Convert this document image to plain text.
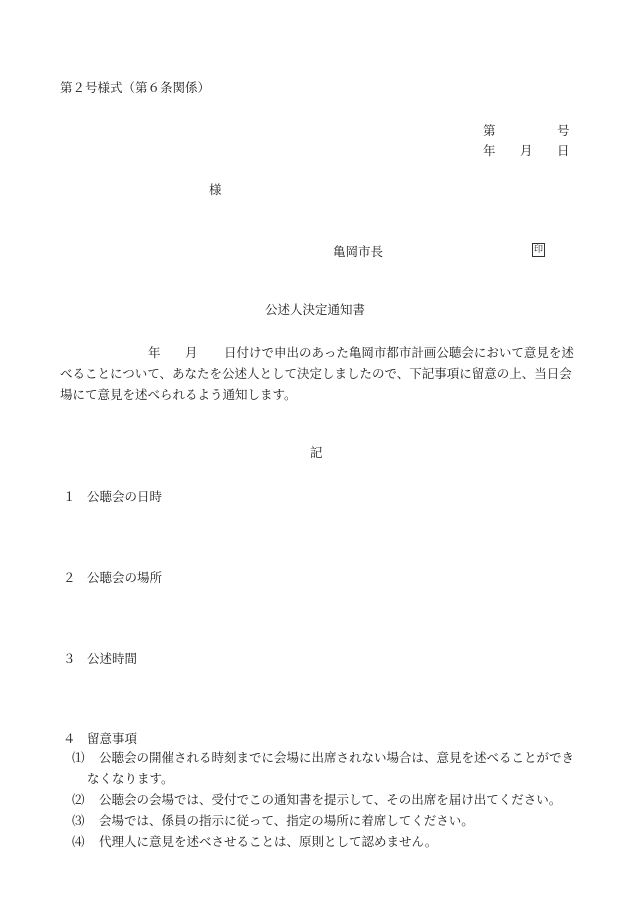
第２号様式（第６条関係）
第	号
年 月 日
様
亀岡市長	印
公述人決定通知書
年 月 日付けで申出のあった亀岡市都市計画公聴会において意見を述
べることについて、あなたを公述人として決定しましたので、下記事項に留意の上、当日会
場にて意見を述べられるよう通知します。
記
１ 公聴会の日時
２ 公聴会の場所
３ 公述時間
４ 留意事項
⑴ 公聴会の開催される時刻までに会場に出席されない場合は、意見を述べることができ
なくなります。
⑵ 公聴会の会場では、受付でこの通知書を提示して、その出席を届け出てください。
⑶ 会場では、係員の指示に従って、指定の場所に着席してください。
⑷ 代理人に意見を述べさせることは、原則として認めません。
